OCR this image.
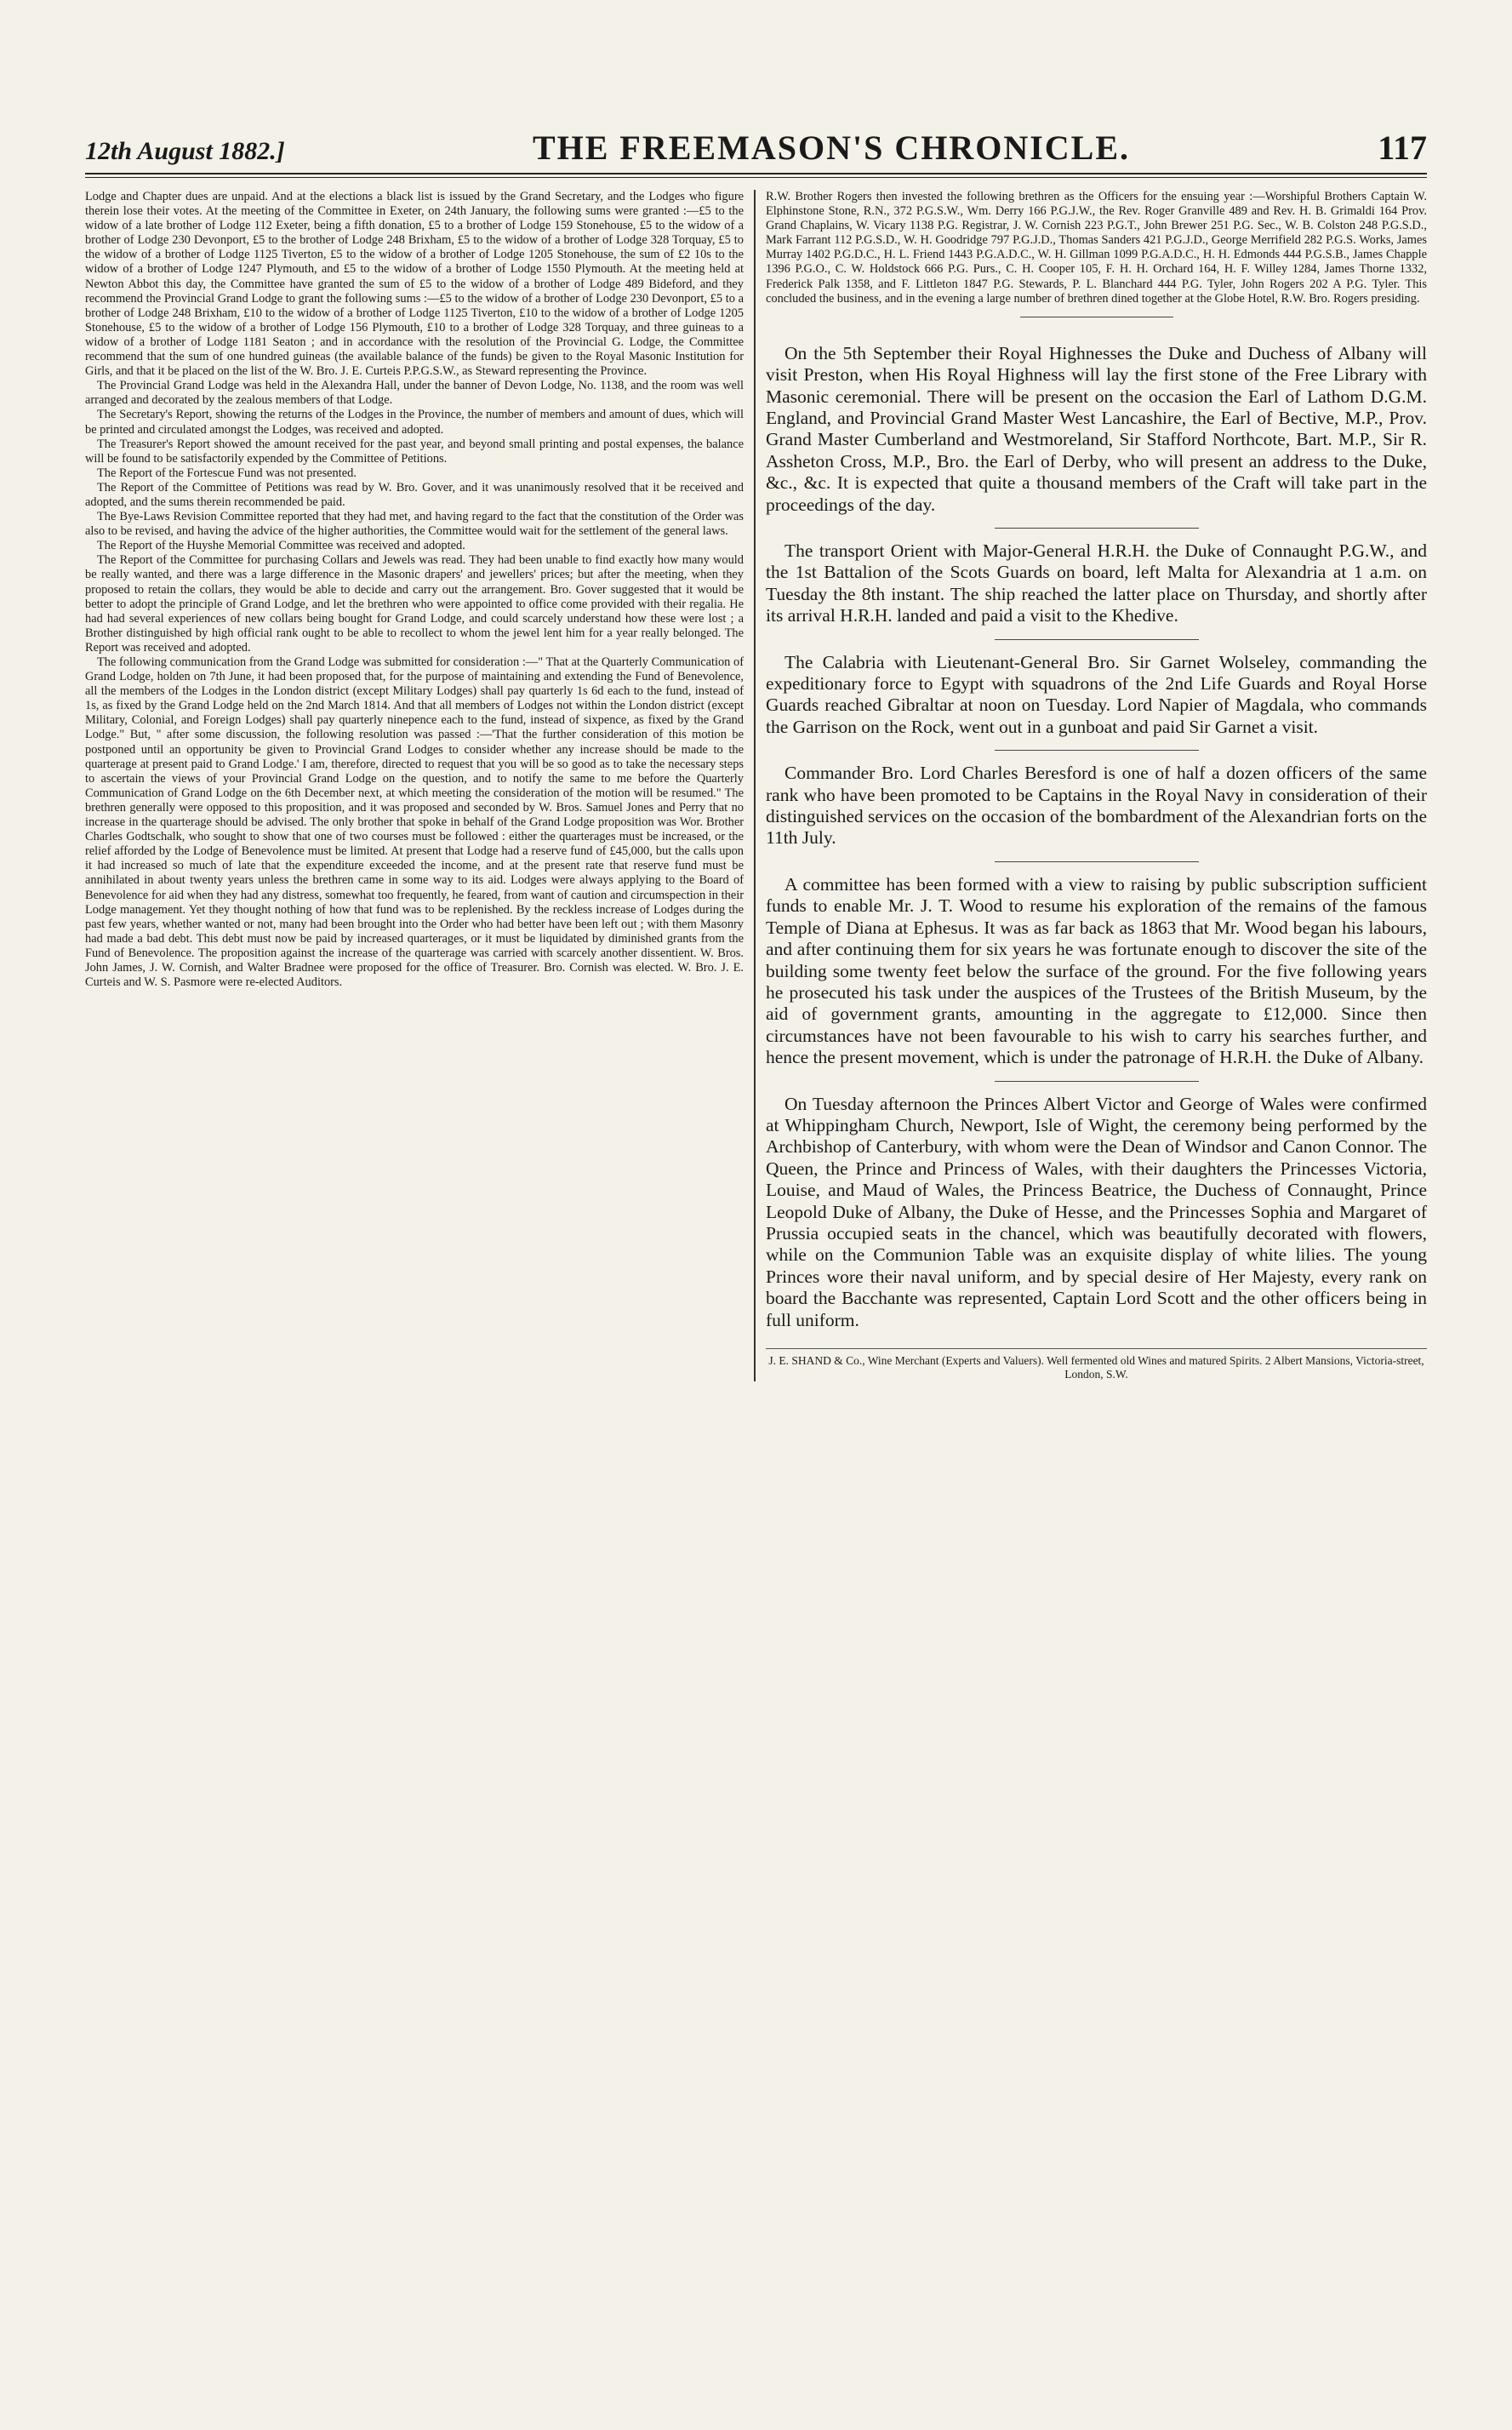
12th August 1882.]	THE FREEMASON'S CHRONICLE.	117

Lodge and Chapter dues are unpaid. And at the elections a black list is issued by the Grand Secretary, and the Lodges who figure therein lose their votes. At the meeting of the Committee in Exeter, on 24th January, the following sums were granted :—£5 to the widow of a late brother of Lodge 112 Exeter, being a fifth donation, £5 to a brother of Lodge 159 Stonehouse, £5 to the widow of a brother of Lodge 230 Devonport, £5 to the brother of Lodge 248 Brixham, £5 to the widow of a brother of Lodge 328 Torquay, £5 to the widow of a brother of Lodge 1125 Tiverton, £5 to the widow of a brother of Lodge 1205 Stonehouse, the sum of £2 10s to the widow of a brother of Lodge 1247 Plymouth, and £5 to the widow of a brother of Lodge 1550 Plymouth. At the meeting held at Newton Abbot this day, the Committee have granted the sum of £5 to the widow of a brother of Lodge 489 Bideford, and they recommend the Provincial Grand Lodge to grant the following sums :—£5 to the widow of a brother of Lodge 230 Devonport, £5 to a brother of Lodge 248 Brixham, £10 to the widow of a brother of Lodge 1125 Tiverton, £10 to the widow of a brother of Lodge 1205 Stonehouse, £5 to the widow of a brother of Lodge 156 Plymouth, £10 to a brother of Lodge 328 Torquay, and three guineas to a widow of a brother of Lodge 1181 Seaton ; and in accordance with the resolution of the Provincial G. Lodge, the Committee recommend that the sum of one hundred guineas (the available balance of the funds) be given to the Royal Masonic Institution for Girls, and that it be placed on the list of the W. Bro. J. E. Curteis P.P.G.S.W., as Steward representing the Province.

The Provincial Grand Lodge was held in the Alexandra Hall, under the banner of Devon Lodge, No. 1138, and the room was well arranged and decorated by the zealous members of that Lodge.

The Secretary's Report, showing the returns of the Lodges in the Province, the number of members and amount of dues, which will be printed and circulated amongst the Lodges, was received and adopted.

The Treasurer's Report showed the amount received for the past year, and beyond small printing and postal expenses, the balance will be found to be satisfactorily expended by the Committee of Petitions.

The Report of the Fortescue Fund was not presented.

The Report of the Committee of Petitions was read by W. Bro. Gover, and it was unanimously resolved that it be received and adopted, and the sums therein recommended be paid.

The Bye-Laws Revision Committee reported that they had met, and having regard to the fact that the constitution of the Order was also to be revised, and having the advice of the higher authorities, the Committee would wait for the settlement of the general laws.

The Report of the Huyshe Memorial Committee was received and adopted.

The Report of the Committee for purchasing Collars and Jewels was read. They had been unable to find exactly how many would be really wanted, and there was a large difference in the Masonic drapers' and jewellers' prices; but after the meeting, when they proposed to retain the collars, they would be able to decide and carry out the arrangement. Bro. Gover suggested that it would be better to adopt the principle of Grand Lodge, and let the brethren who were appointed to office come provided with their regalia. He had had several experiences of new collars being bought for Grand Lodge, and could scarcely understand how these were lost ; a Brother distinguished by high official rank ought to be able to recollect to whom the jewel lent him for a year really belonged. The Report was received and adopted.

The following communication from the Grand Lodge was submitted for consideration :—" That at the Quarterly Communication of Grand Lodge, holden on 7th June, it had been proposed that, for the purpose of maintaining and extending the Fund of Benevolence, all the members of the Lodges in the London district (except Military Lodges) shall pay quarterly 1s 6d each to the fund, instead of 1s, as fixed by the Grand Lodge held on the 2nd March 1814. And that all members of Lodges not within the London district (except Military, Colonial, and Foreign Lodges) shall pay quarterly ninepence each to the fund, instead of sixpence, as fixed by the Grand Lodge." But, " after some discussion, the following resolution was passed :—'That the further consideration of this motion be postponed until an opportunity be given to Provincial Grand Lodges to consider whether any increase should be made to the quarterage at present paid to Grand Lodge.' I am, therefore, directed to request that you will be so good as to take the necessary steps to ascertain the views of your Provincial Grand Lodge on the question, and to notify the same to me before the Quarterly Communication of Grand Lodge on the 6th December next, at which meeting the consideration of the motion will be resumed." The brethren generally were opposed to this proposition, and it was proposed and seconded by W. Bros. Samuel Jones and Perry that no increase in the quarterage should be advised. The only brother that spoke in behalf of the Grand Lodge proposition was Wor. Brother Charles Godtschalk, who sought to show that one of two courses must be followed : either the quarterages must be increased, or the relief afforded by the Lodge of Benevolence must be limited. At present that Lodge had a reserve fund of £45,000, but the calls upon it had increased so much of late that the expenditure exceeded the income, and at the present rate that reserve fund must be annihilated in about twenty years unless the brethren came in some way to its aid. Lodges were always applying to the Board of Benevolence for aid when they had any distress, somewhat too frequently, he feared, from want of caution and circumspection in their Lodge management. Yet they thought nothing of how that fund was to be replenished. By the reckless increase of Lodges during the past few years, whether wanted or not, many had been brought into the Order who had better have been left out ; with them Masonry had made a bad debt. This debt must now be paid by increased quarterages, or it must be liquidated by diminished grants from the Fund of Benevolence. The proposition against the increase of the quarterage was carried with scarcely another dissentient. W. Bros. John James, J. W. Cornish, and Walter Bradnee were proposed for the office of Treasurer. Bro. Cornish was elected. W. Bro. J. E. Curteis and W. S. Pasmore were re-elected Auditors.

R.W. Brother Rogers then invested the following brethren as the Officers for the ensuing year :—Worshipful Brothers Captain W. Elphinstone Stone, R.N., 372 P.G.S.W., Wm. Derry 166 P.G.J.W., the Rev. Roger Granville 489 and Rev. H. B. Grimaldi 164 Prov. Grand Chaplains, W. Vicary 1138 P.G. Registrar, J. W. Cornish 223 P.G.T., John Brewer 251 P.G. Sec., W. B. Colston 248 P.G.S.D., Mark Farrant 112 P.G.S.D., W. H. Goodridge 797 P.G.J.D., Thomas Sanders 421 P.G.J.D., George Merrifield 282 P.G.S. Works, James Murray 1402 P.G.D.C., H. L. Friend 1443 P.G.A.D.C., W. H. Gillman 1099 P.G.A.D.C., H. H. Edmonds 444 P.G.S.B., James Chapple 1396 P.G.O., C. W. Holdstock 666 P.G. Purs., C. H. Cooper 105, F. H. H. Orchard 164, H. F. Willey 1284, James Thorne 1332, Frederick Palk 1358, and F. Littleton 1847 P.G. Stewards, P. L. Blanchard 444 P.G. Tyler, John Rogers 202 A P.G. Tyler. This concluded the business, and in the evening a large number of brethren dined together at the Globe Hotel, R.W. Bro. Rogers presiding.

On the 5th September their Royal Highnesses the Duke and Duchess of Albany will visit Preston, when His Royal Highness will lay the first stone of the Free Library with Masonic ceremonial. There will be present on the occasion the Earl of Lathom D.G.M. England, and Provincial Grand Master West Lancashire, the Earl of Bective, M.P., Prov. Grand Master Cumberland and Westmoreland, Sir Stafford Northcote, Bart. M.P., Sir R. Assheton Cross, M.P., Bro. the Earl of Derby, who will present an address to the Duke, &c., &c. It is expected that quite a thousand members of the Craft will take part in the proceedings of the day.

The transport Orient with Major-General H.R.H. the Duke of Connaught P.G.W., and the 1st Battalion of the Scots Guards on board, left Malta for Alexandria at 1 a.m. on Tuesday the 8th instant. The ship reached the latter place on Thursday, and shortly after its arrival H.R.H. landed and paid a visit to the Khedive.

The Calabria with Lieutenant-General Bro. Sir Garnet Wolseley, commanding the expeditionary force to Egypt with squadrons of the 2nd Life Guards and Royal Horse Guards reached Gibraltar at noon on Tuesday. Lord Napier of Magdala, who commands the Garrison on the Rock, went out in a gunboat and paid Sir Garnet a visit.

Commander Bro. Lord Charles Beresford is one of half a dozen officers of the same rank who have been promoted to be Captains in the Royal Navy in consideration of their distinguished services on the occasion of the bombardment of the Alexandrian forts on the 11th July.

A committee has been formed with a view to raising by public subscription sufficient funds to enable Mr. J. T. Wood to resume his exploration of the remains of the famous Temple of Diana at Ephesus. It was as far back as 1863 that Mr. Wood began his labours, and after continuing them for six years he was fortunate enough to discover the site of the building some twenty feet below the surface of the ground. For the five following years he prosecuted his task under the auspices of the Trustees of the British Museum, by the aid of government grants, amounting in the aggregate to £12,000. Since then circumstances have not been favourable to his wish to carry his searches further, and hence the present movement, which is under the patronage of H.R.H. the Duke of Albany.

On Tuesday afternoon the Princes Albert Victor and George of Wales were confirmed at Whippingham Church, Newport, Isle of Wight, the ceremony being performed by the Archbishop of Canterbury, with whom were the Dean of Windsor and Canon Connor. The Queen, the Prince and Princess of Wales, with their daughters the Princesses Victoria, Louise, and Maud of Wales, the Princess Beatrice, the Duchess of Connaught, Prince Leopold Duke of Albany, the Duke of Hesse, and the Princesses Sophia and Margaret of Prussia occupied seats in the chancel, which was beautifully decorated with flowers, while on the Communion Table was an exquisite display of white lilies. The young Princes wore their naval uniform, and by special desire of Her Majesty, every rank on board the Bacchante was represented, Captain Lord Scott and the other officers being in full uniform.

J. E. SHAND & Co., Wine Merchant (Experts and Valuers). Well fermented old Wines and matured Spirits. 2 Albert Mansions, Victoria-street, London, S.W.
